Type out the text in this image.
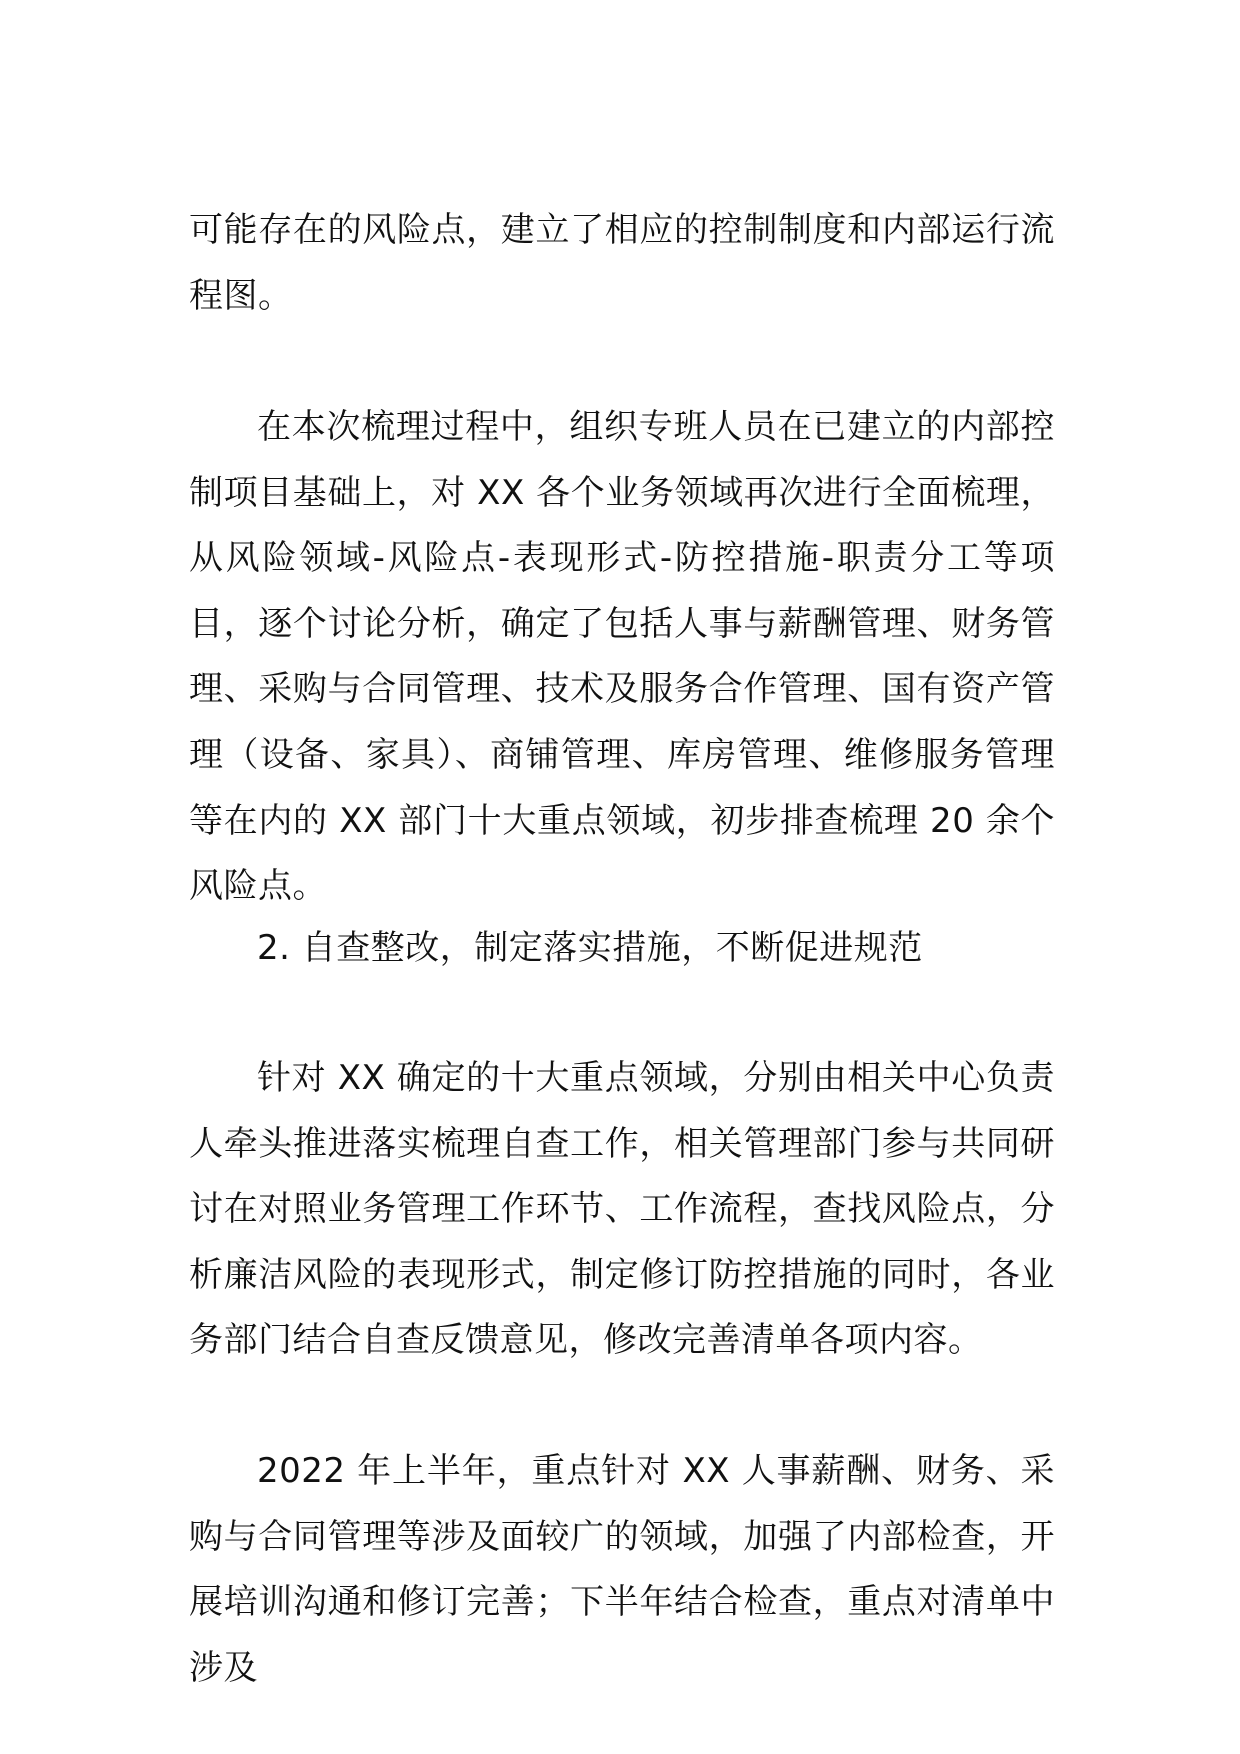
可能存在的风险点，建立了相应的控制制度和内部运行流程图。

在本次梳理过程中，组织专班人员在已建立的内部控制项目基础上，对 XX 各个业务领域再次进行全面梳理，从风险领域-风险点-表现形式-防控措施-职责分工等项目，逐个讨论分析，确定了包括人事与薪酬管理、财务管理、采购与合同管理、技术及服务合作管理、国有资产管理（设备、家具）、商铺管理、库房管理、维修服务管理等在内的 XX 部门十大重点领域，初步排查梳理 20 余个风险点。

2. 自查整改，制定落实措施，不断促进规范

针对 XX 确定的十大重点领域，分别由相关中心负责人牵头推进落实梳理自查工作，相关管理部门参与共同研讨在对照业务管理工作环节、工作流程，查找风险点，分析廉洁风险的表现形式，制定修订防控措施的同时，各业务部门结合自查反馈意见，修改完善清单各项内容。

2022 年上半年，重点针对 XX 人事薪酬、财务、采购与合同管理等涉及面较广的领域，加强了内部检查，开展培训沟通和修订完善；下半年结合检查，重点对清单中涉及
